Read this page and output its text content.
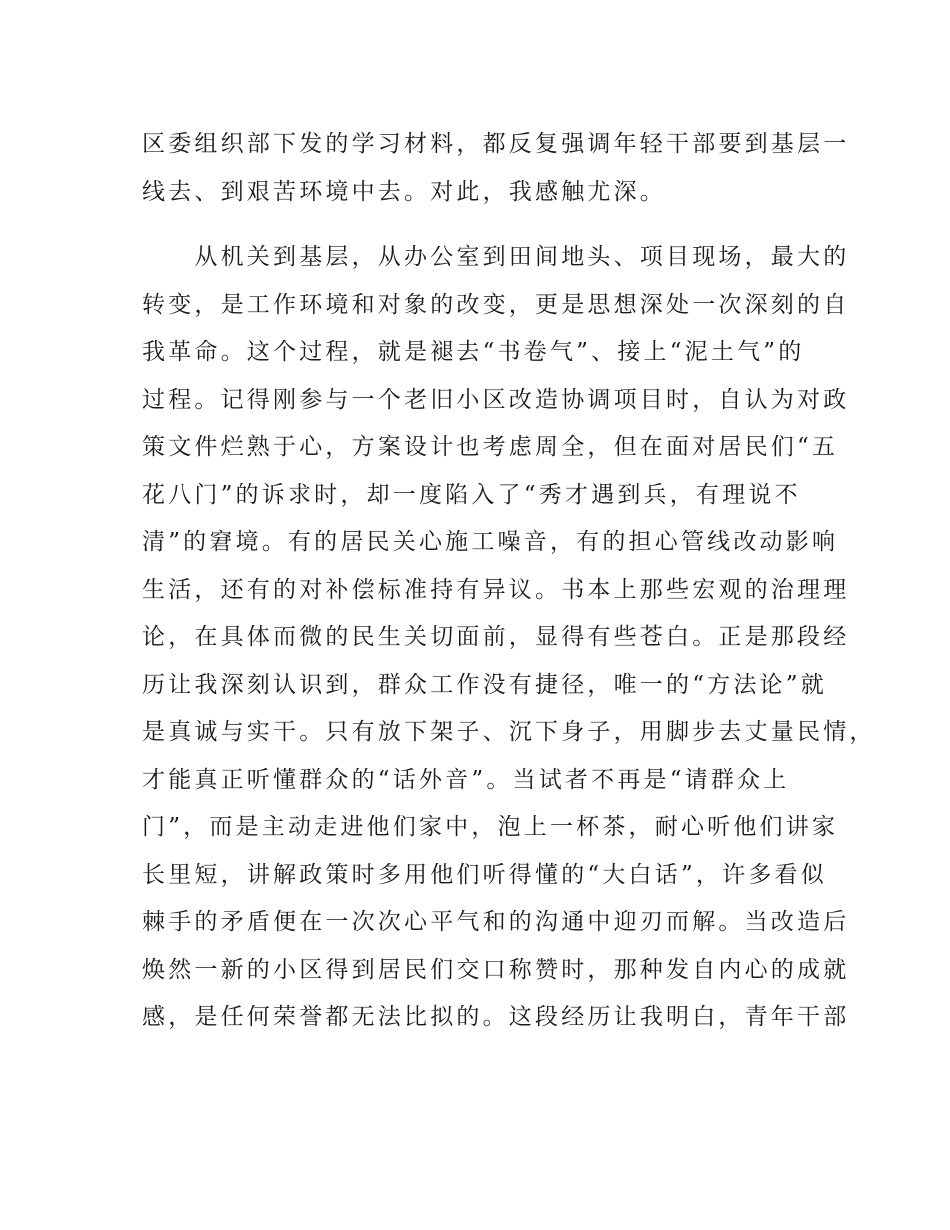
区委组织部下发的学习材料，都反复强调年轻干部要到基层一
线去、到艰苦环境中去。对此，我感触尤深。
　　从机关到基层，从办公室到田间地头、项目现场，最大的
转变，是工作环境和对象的改变，更是思想深处一次深刻的自
我革命。这个过程，就是褪去“书卷气”、接上“泥土气”的
过程。记得刚参与一个老旧小区改造协调项目时，自认为对政
策文件烂熟于心，方案设计也考虑周全，但在面对居民们“五
花八门”的诉求时，却一度陷入了“秀才遇到兵，有理说不
清”的窘境。有的居民关心施工噪音，有的担心管线改动影响
生活，还有的对补偿标准持有异议。书本上那些宏观的治理理
论，在具体而微的民生关切面前，显得有些苍白。正是那段经
历让我深刻认识到，群众工作没有捷径，唯一的“方法论”就
是真诚与实干。只有放下架子、沉下身子，用脚步去丈量民情，
才能真正听懂群众的“话外音”。当试者不再是“请群众上
门”，而是主动走进他们家中，泡上一杯茶，耐心听他们讲家
长里短，讲解政策时多用他们听得懂的“大白话”，许多看似
棘手的矛盾便在一次次心平气和的沟通中迎刃而解。当改造后
焕然一新的小区得到居民们交口称赞时，那种发自内心的成就
感，是任何荣誉都无法比拟的。这段经历让我明白，青年干部
